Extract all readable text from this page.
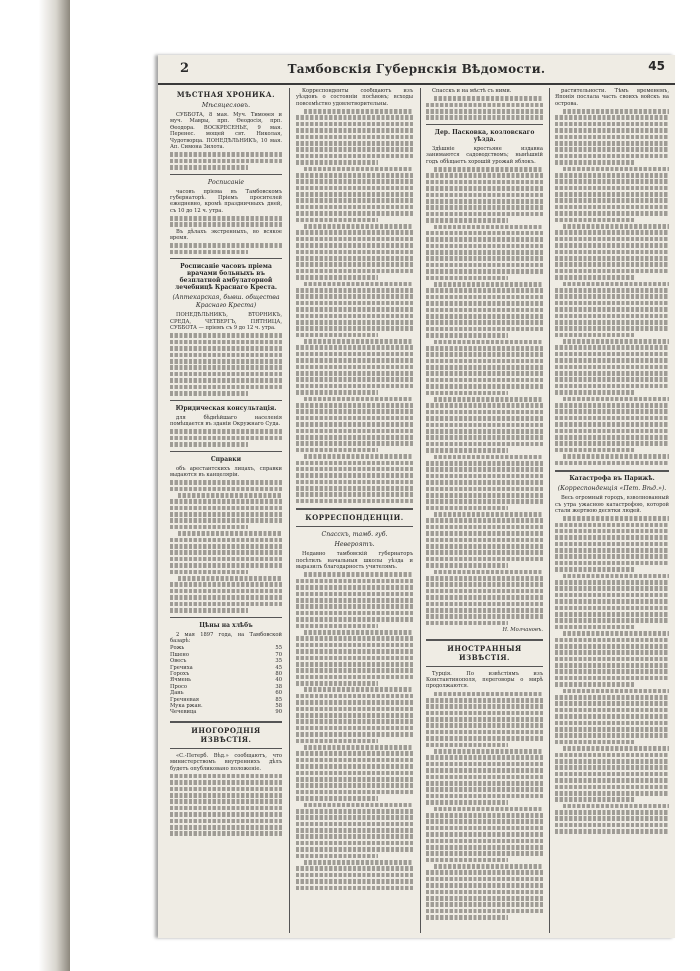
2	Тамбовскія Губернскія Вѣдомости.	45
МѢСТНАЯ ХРОНИКА.
Мѣсяцесловъ.
СУББОТА, 8 мая. Муч. Тимоѳея и муч. Мавры, прп. Ѳеодосія, прп. Ѳеодора. ВОСКРЕСЕНЬЕ, 9 мая. Перенес. мощей свт. Николая, Чудотворца. ПОНЕДѢЛЬНИКЪ, 10 мая. Ап. Симона Зилота.
Росписаніе
часовъ пріема въ Тамбовскомъ губернаторѣ. Пріемъ просителей ежедневно, кромѣ праздничныхъ дней, съ 10 до 12 ч. утра.
Въ дѣлахъ экстренныхъ, во всякое время.
Росписаніе часовъ пріема врачами больныхъ въ безплатной амбулаторной лечебницѣ Краснаго Креста.
(Аптекарская, бывш. общества Краснаго Креста)
ПОНЕДѢЛЬНИКЪ, ВТОРНИКЪ, СРЕДА, ЧЕТВЕРГЪ, ПЯТНИЦА, СУББОТА — пріемъ съ 9 до 12 ч. утра.
Юридическая консультація.
для бѣднѣйшаго населенія помѣщается въ зданіи Окружнаго Суда.
Справки
объ арестантскихъ лицахъ, справки выдаются въ канцеляріи.
Цѣны на хлѣбъ
2 мая 1897 года, на Тамбовской базарѣ:
Рожь	55
Пшено	70
Овесъ	35
Гречиха	45
Горохъ	80
Ячмень	40
Просо	38
Дань	60
Гречневая	85
Мука ржан.	58
Чечевица	90
ИНОГОРОДНІЯ ИЗВѢСТІЯ.
«С.-Петерб. Вѣд.» сообщаютъ, что министерствомъ внутреннихъ дѣлъ будетъ опубликовано положеніе.
Корреспонденты сообщаютъ изъ уѣздовъ о состояніи посѣвовъ; всходы повсемѣстно удовлетворительны.
КОРРЕСПОНДЕНЦІИ.
Спасскъ, тамб. губ.
Невероятъ.
Недавно тамбовскій губернаторъ посѣтилъ начальныя школы уѣзда и выразилъ благодарность учителямъ.
Спасскъ и на мѣстѣ съ ними.
Дер. Пасковка, козловскаго уѣзда.
Здѣшніе крестьяне издавна занимаются садоводствомъ; нынѣшній годъ обѣщаетъ хорошій урожай яблокъ.
Н. Молчановъ.
ИНОСТРАННЫЯ ИЗВѢСТІЯ.
Турція. По извѣстіямъ изъ Константинополя, переговоры о мирѣ продолжаются.
растительности. Тѣмъ временемъ, Японія послала часть своихъ войскъ на острова.
Катастрофа въ Парижѣ.
(Корреспонденція «Пет. Вѣд.»).
Весь огромный городъ, взволнованный съ утра ужасною катастрофою, которой стали жертвою десятки людей.
